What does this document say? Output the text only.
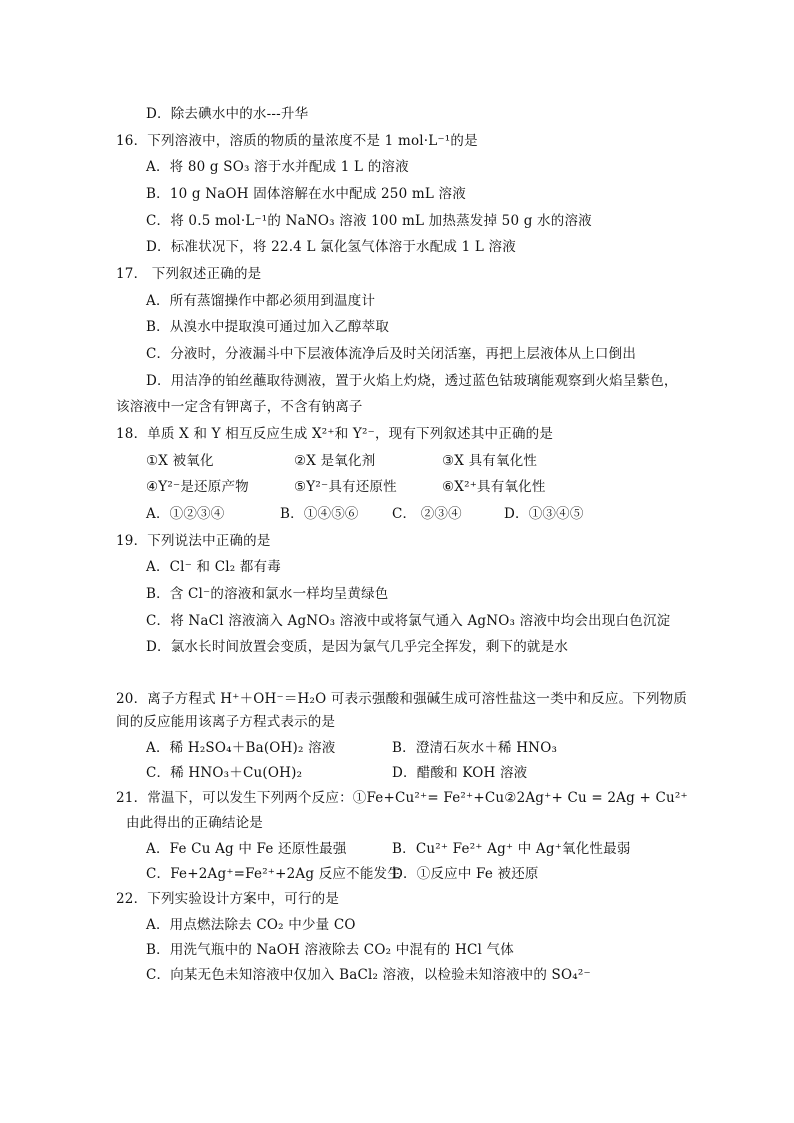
D．除去碘水中的水---升华
16．下列溶液中，溶质的物质的量浓度不是 1 mol·L⁻¹的是
A．将 80 g SO₃ 溶于水并配成 1 L 的溶液
B．10 g NaOH 固体溶解在水中配成 250 mL 溶液
C．将 0.5 mol·L⁻¹的 NaNO₃ 溶液 100 mL 加热蒸发掉 50 g 水的溶液
D．标准状况下，将 22.4 L 氯化氢气体溶于水配成 1 L 溶液
17． 下列叙述正确的是
A．所有蒸馏操作中都必须用到温度计
B．从溴水中提取溴可通过加入乙醇萃取
C．分液时，分液漏斗中下层液体流净后及时关闭活塞，再把上层液体从上口倒出
D．用洁净的铂丝蘸取待测液，置于火焰上灼烧，透过蓝色钴玻璃能观察到火焰呈紫色，
该溶液中一定含有钾离子，不含有钠离子
18．单质 X 和 Y 相互反应生成 X²⁺和 Y²⁻，现有下列叙述其中正确的是
①X 被氧化	②X 是氧化剂	③X 具有氧化性
④Y²⁻是还原产物	⑤Y²⁻具有还原性	⑥X²⁺具有氧化性
A．①②③④	B．①④⑤⑥ C． ②③④	D．①③④⑤
19．下列说法中正确的是
A．Cl⁻ 和 Cl₂ 都有毒
B．含 Cl⁻的溶液和氯水一样均呈黄绿色
C．将 NaCl 溶液滴入 AgNO₃ 溶液中或将氯气通入 AgNO₃ 溶液中均会出现白色沉淀
D．氯水长时间放置会变质，是因为氯气几乎完全挥发，剩下的就是水
20．离子方程式 H⁺＋OH⁻＝H₂O 可表示强酸和强碱生成可溶性盐这一类中和反应。下列物质
间的反应能用该离子方程式表示的是
A．稀 H₂SO₄＋Ba(OH)₂ 溶液	B．澄清石灰水＋稀 HNO₃
C．稀 HNO₃＋Cu(OH)₂	D．醋酸和 KOH 溶液
21．常温下，可以发生下列两个反应：①Fe+Cu²⁺= Fe²⁺+Cu②2Ag⁺+ Cu = 2Ag + Cu²⁺
由此得出的正确结论是
A．Fe Cu Ag 中 Fe 还原性最强	B．Cu²⁺ Fe²⁺ Ag⁺ 中 Ag⁺氧化性最弱
C．Fe+2Ag⁺=Fe²⁺+2Ag 反应不能发生
D．①反应中 Fe 被还原
22．下列实验设计方案中，可行的是
A．用点燃法除去 CO₂ 中少量 CO
B．用洗气瓶中的 NaOH 溶液除去 CO₂ 中混有的 HCl 气体
C．向某无色未知溶液中仅加入 BaCl₂ 溶液，以检验未知溶液中的 SO₄²⁻
